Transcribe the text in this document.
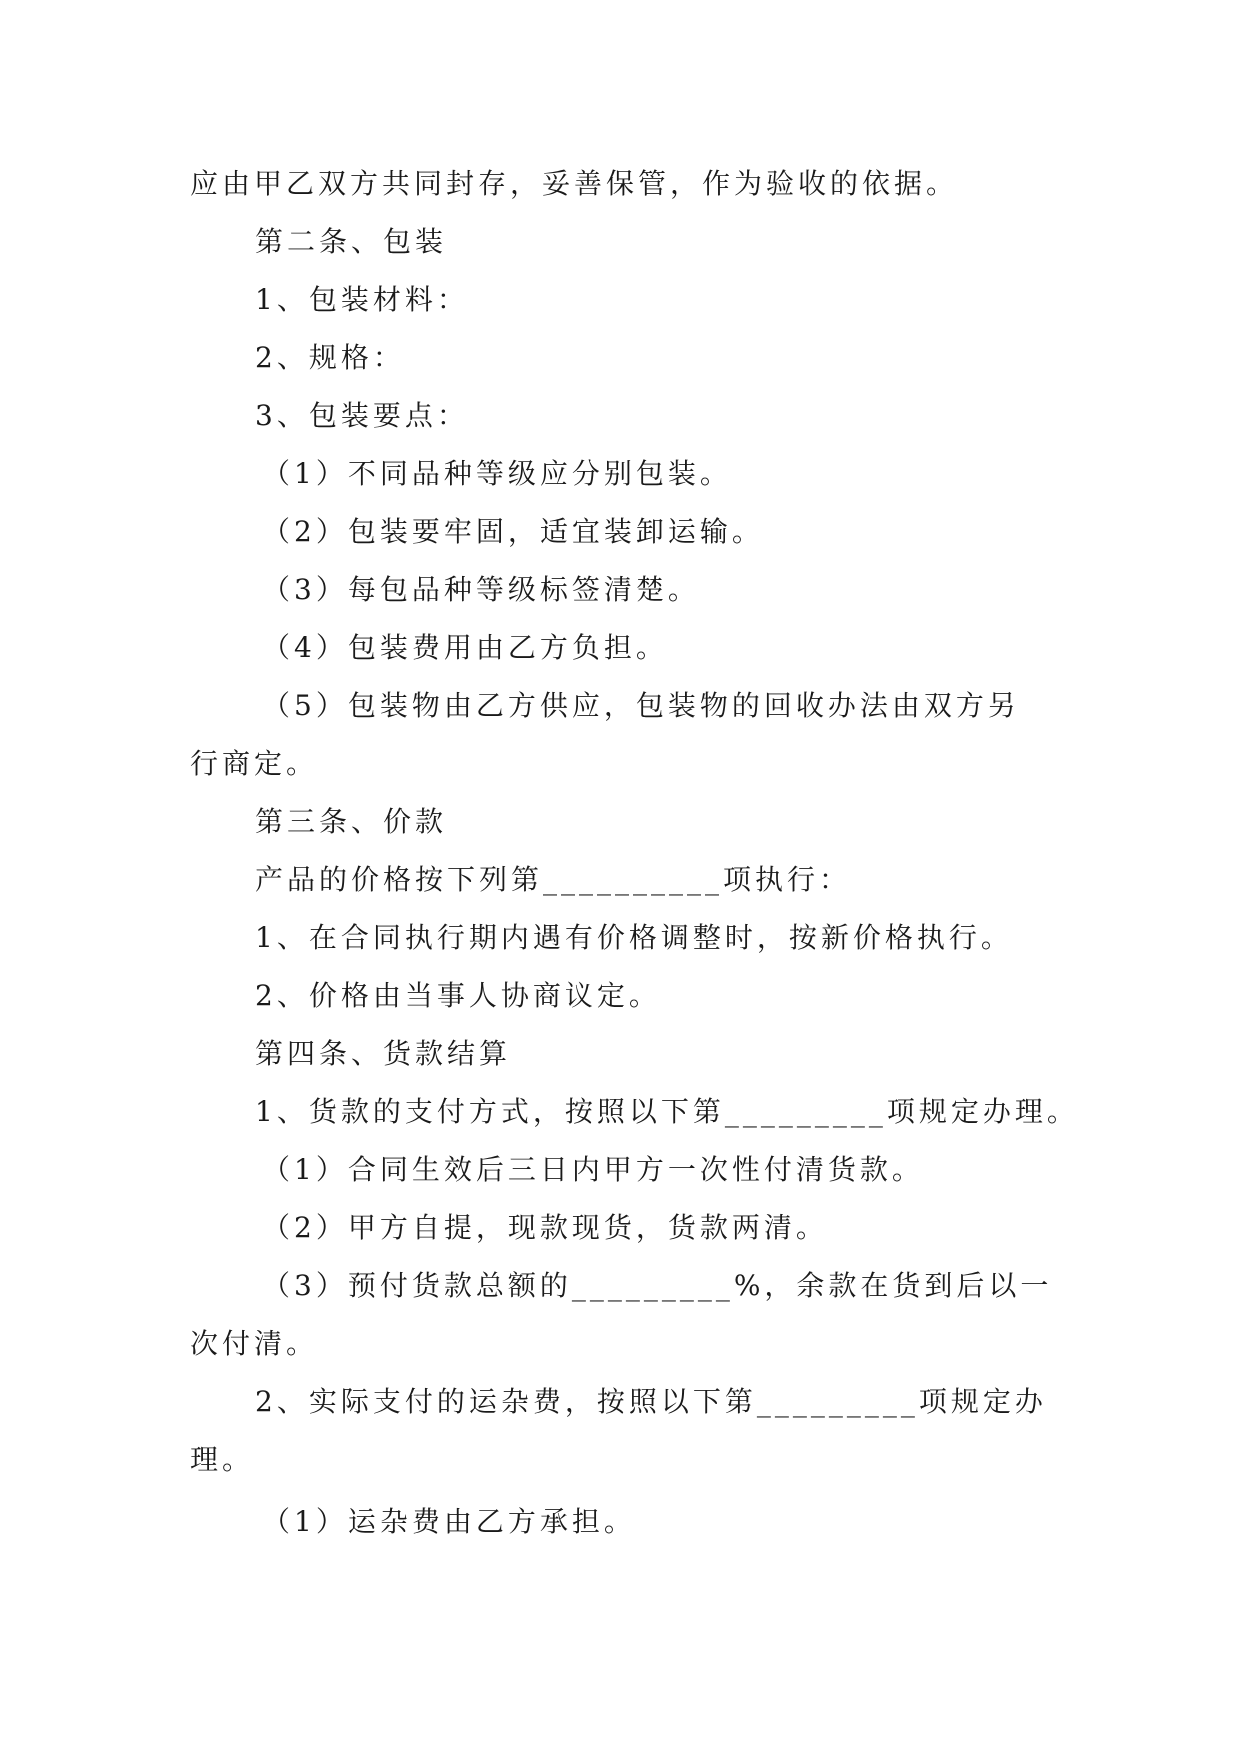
应由甲乙双方共同封存，妥善保管，作为验收的依据。
第二条、包装
1、包装材料：
2、规格：
3、包装要点：
（1）不同品种等级应分别包装。
（2）包装要牢固，适宜装卸运输。
（3）每包品种等级标签清楚。
（4）包装费用由乙方负担。
（5）包装物由乙方供应，包装物的回收办法由双方另
行商定。
第三条、价款
产品的价格按下列第__________项执行：
1、在合同执行期内遇有价格调整时，按新价格执行。
2、价格由当事人协商议定。
第四条、货款结算
1、货款的支付方式，按照以下第_________项规定办理。
（1）合同生效后三日内甲方一次性付清货款。
（2）甲方自提，现款现货，货款两清。
（3）预付货款总额的_________%，余款在货到后以一
次付清。
2、实际支付的运杂费，按照以下第_________项规定办
理。
（1）运杂费由乙方承担。
